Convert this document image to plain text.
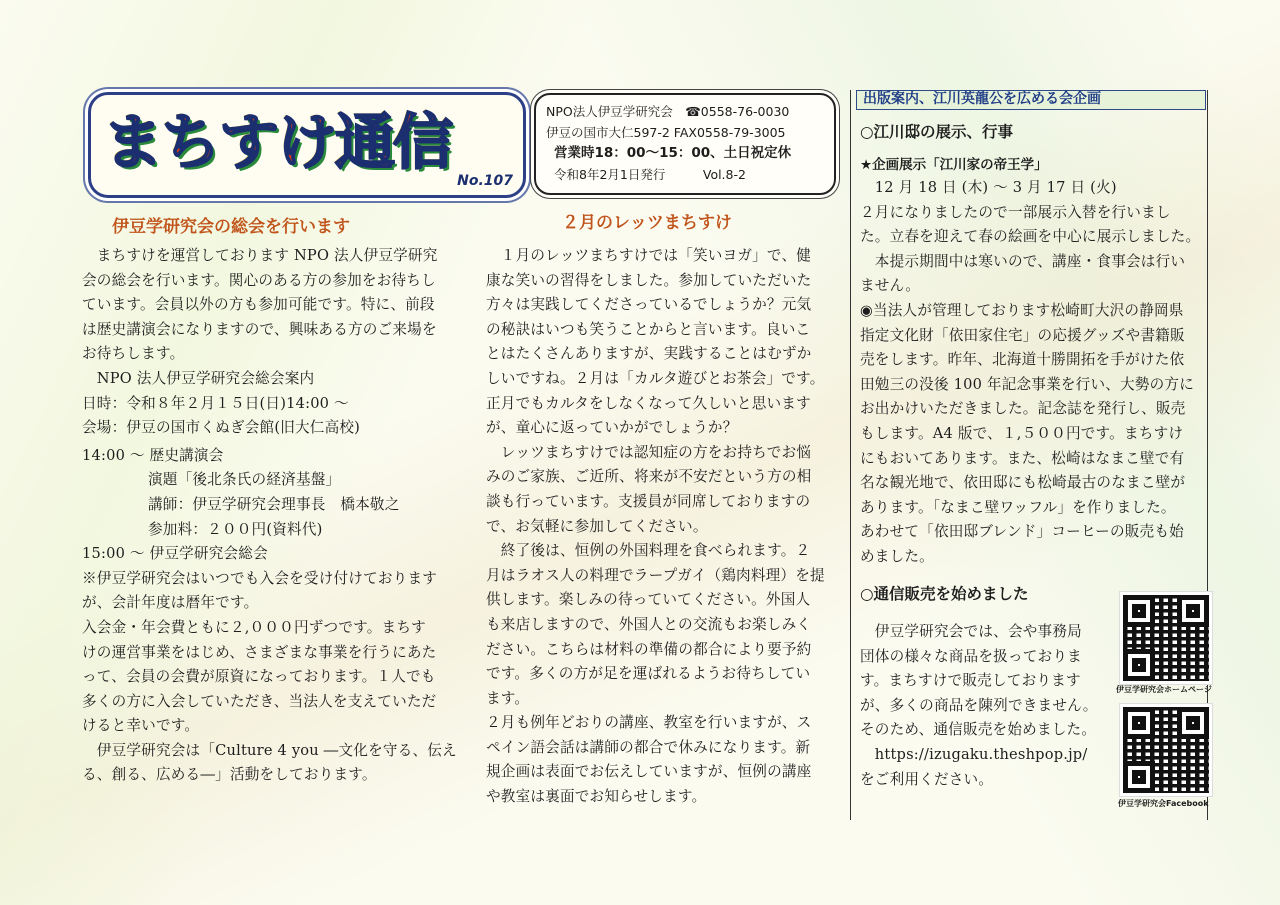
まちすけ通信
No.107
NPO法人伊豆学研究会　☎0558-76-0030
伊豆の国市大仁597-2 FAX0558-79-3005
営業時18：00～15：00、土日祝定休
令和8年2月1日発行　　　Vol.8-2
伊豆学研究会の総会を行います
　まちすけを運営しております NPO 法人伊豆学研究
会の総会を行います。関心のある方の参加をお待ちし
ています。会員以外の方も参加可能です。特に、前段
は歴史講演会になりますので、興味ある方のご来場を
お待ちします。
　NPO 法人伊豆学研究会総会案内
日時：令和８年２月１５日(日)14:00 ～
会場：伊豆の国市くぬぎ会館(旧大仁高校)
14:00 ～ 歴史講演会
演題「後北条氏の経済基盤」
講師：伊豆学研究会理事長　橋本敬之
参加料：２００円(資料代)
15:00 ～ 伊豆学研究会総会
※伊豆学研究会はいつでも入会を受け付けております
が、会計年度は暦年です。
入会金・年会費ともに２,０００円ずつです。まちす
けの運営事業をはじめ、さまざまな事業を行うにあた
って、会員の会費が原資になっております。１人でも
多くの方に入会していただき、当法人を支えていただ
けると幸いです。
　伊豆学研究会は「Culture 4 you ―文化を守る、伝え
る、創る、広める―」活動をしております。
２月のレッツまちすけ
　１月のレッツまちすけでは「笑いヨガ」で、健
康な笑いの習得をしました。参加していただいた
方々は実践してくださっているでしょうか？元気
の秘訣はいつも笑うことからと言います。良いこ
とはたくさんありますが、実践することはむずか
しいですね。２月は「カルタ遊びとお茶会」です。
正月でもカルタをしなくなって久しいと思います
が、童心に返っていかがでしょうか？
　レッツまちすけでは認知症の方をお持ちでお悩
みのご家族、ご近所、将来が不安だという方の相
談も行っています。支援員が同席しておりますの
で、お気軽に参加してください。
　終了後は、恒例の外国料理を食べられます。２
月はラオス人の料理でラープガイ（鶏肉料理）を提
供します。楽しみの待っていてください。外国人
も来店しますので、外国人との交流もお楽しみく
ださい。こちらは材料の準備の都合により要予約
です。多くの方が足を運ばれるようお待ちしてい
ます。
２月も例年どおりの講座、教室を行いますが、ス
ペイン語会話は講師の都合で休みになります。新
規企画は表面でお伝えしていますが、恒例の講座
や教室は裏面でお知らせします。
出版案内、江川英龍公を広める会企画
○江川邸の展示、行事
★企画展示「江川家の帝王学」
　12 月 18 日 (木) ～ 3 月 17 日 (火)
２月になりましたので一部展示入替を行いまし
た。立春を迎えて春の絵画を中心に展示しました。
　本提示期間中は寒いので、講座・食事会は行い
ません。
◉当法人が管理しております松崎町大沢の静岡県
指定文化財「依田家住宅」の応援グッズや書籍販
売をします。昨年、北海道十勝開拓を手がけた依
田勉三の没後 100 年記念事業を行い、大勢の方に
お出かけいただきました。記念誌を発行し、販売
もします。A4 版で、１,５００円です。まちすけ
にもおいてあります。また、松崎はなまこ壁で有
名な観光地で、依田邸にも松崎最古のなまこ壁が
あります。「なまこ壁ワッフル」を作りました。
あわせて「依田邸ブレンド」コーヒーの販売も始
めました。
○通信販売を始めました
　伊豆学研究会では、会や事務局
団体の様々な商品を扱っておりま
す。まちすけで販売しております
が、多くの商品を陳列できません。
そのため、通信販売を始めました。
　https://izugaku.theshpop.jp/
をご利用ください。
伊豆学研究会ホームページ
伊豆学研究会Facebook
